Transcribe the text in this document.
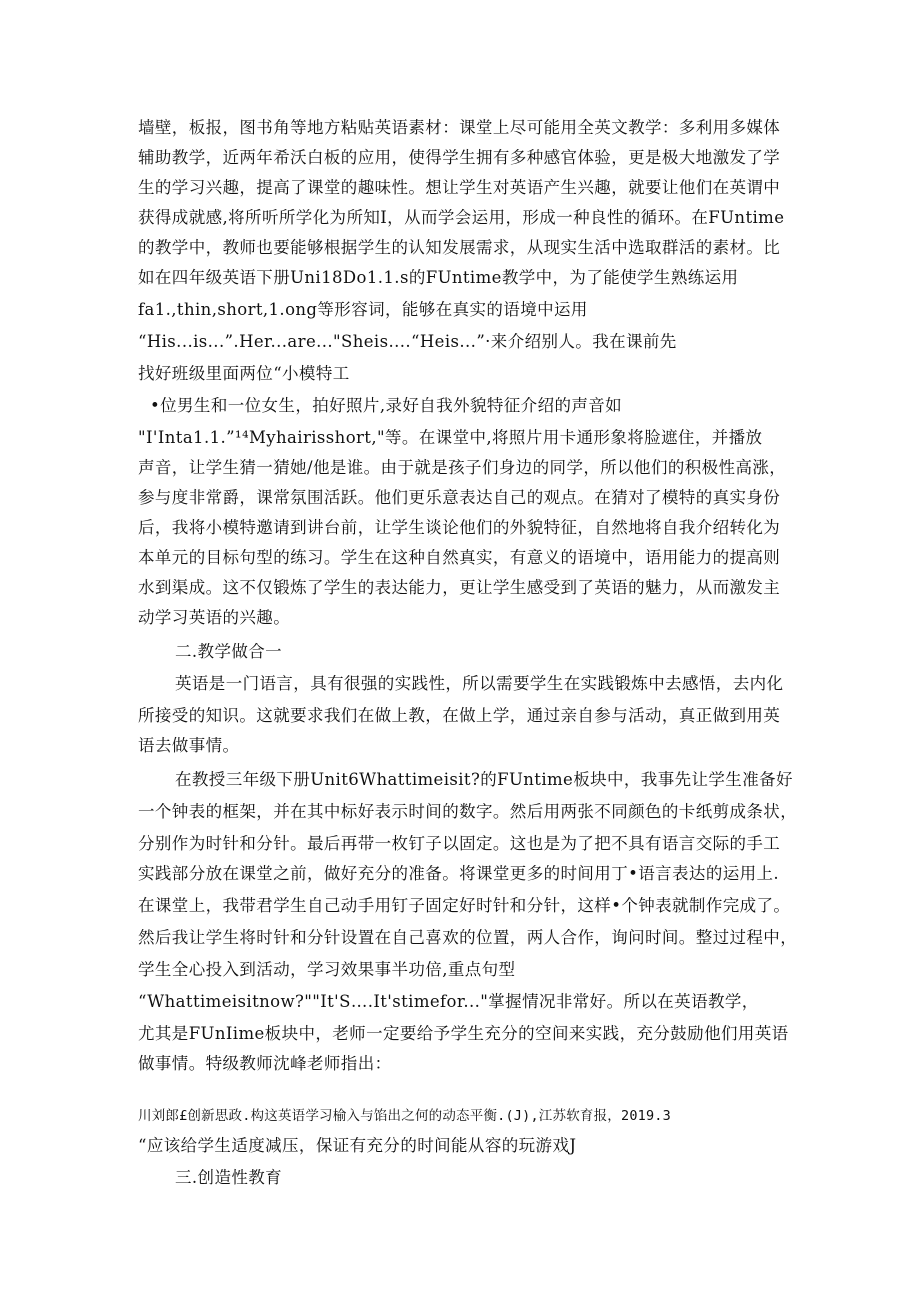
墙壁，板报，图书角等地方粘贴英语素材：课堂上尽可能用全英文教学：多利用多媒体
辅助教学，近两年希沃白板的应用，使得学生拥有多种感官体验，更是极大地激发了学
生的学习兴趣，提高了课堂的趣味性。想让学生对英语产生兴趣，就要让他们在英谓中
获得成就感,将所听所学化为所知I，从而学会运用，形成一种良性的循环。在FUntime
的教学中，教师也要能够根据学生的认知发展需求，从现实生活中选取群活的素材。比
如在四年级英语下册Uni18Do1.1.s的FUntime教学中，为了能使学生熟练运用
fa1.,thin,short,1.ong等形容词，能够在真实的语境中运用
“His...is...”.Her...are..."Sheis....“Heis...”·来介绍别人。我在课前先
找好班级里面两位“小模特工
•位男生和一位女生，拍好照片,录好自我外貌特征介绍的声音如
"I'Inta1.1.”¹⁴Myhairisshort,"等。在课堂中,将照片用卡通形象将脸遮住，并播放
声音，让学生猜一猜她/他是谁。由于就是孩子们身边的同学，所以他们的积极性高涨，
参与度非常爵，课常氛围活跃。他们更乐意表达自己的观点。在猜对了模特的真实身份
后，我将小模特邀请到讲台前，让学生谈论他们的外貌特征，自然地将自我介绍转化为
本单元的目标句型的练习。学生在这种自然真实，有意义的语境中，语用能力的提高则
水到渠成。这不仅锻炼了学生的表达能力，更让学生感受到了英语的魅力，从而激发主
动学习英语的兴趣。
二.教学做合一
英语是一门语言，具有很强的实践性，所以需要学生在实践锻炼中去感悟，去内化
所接受的知识。这就要求我们在做上教，在做上学，通过亲自参与活动，真正做到用英
语去做事情。
在教授三年级下册Unit6Whattimeisit?的FUntime板块中，我事先让学生准备好
一个钟表的框架，并在其中标好表示时间的数字。然后用两张不同颜色的卡纸剪成条状，
分别作为时针和分针。最后再带一枚钉子以固定。这也是为了把不具有语言交际的手工
实践部分放在课堂之前，做好充分的准备。将课堂更多的时间用丁•语言表达的运用上.
在课堂上，我带君学生自己动手用钉子固定好时针和分针，这样•个钟表就制作完成了。
然后我让学生将时针和分针设置在自己喜欢的位置，两人合作，询问时间。整过过程中，
学生全心投入到活动，学习效果事半功倍,重点句型
“Whattimeisitnow?""It'S….It'stimefor..."掌握情况非常好。所以在英语教学，
尤其是FUnIime板块中，老师一定要给予学生充分的空间来实践，充分鼓励他们用英语
做事情。特级教师沈峰老师指出：
川刘郎£创新思政.构这英语学习榆入与馅出之何的动态平衡.(J),江苏软育报，2019.3
“应该给学生适度减压，保证有充分的时间能从容的玩游戏J
三.创造性教育
